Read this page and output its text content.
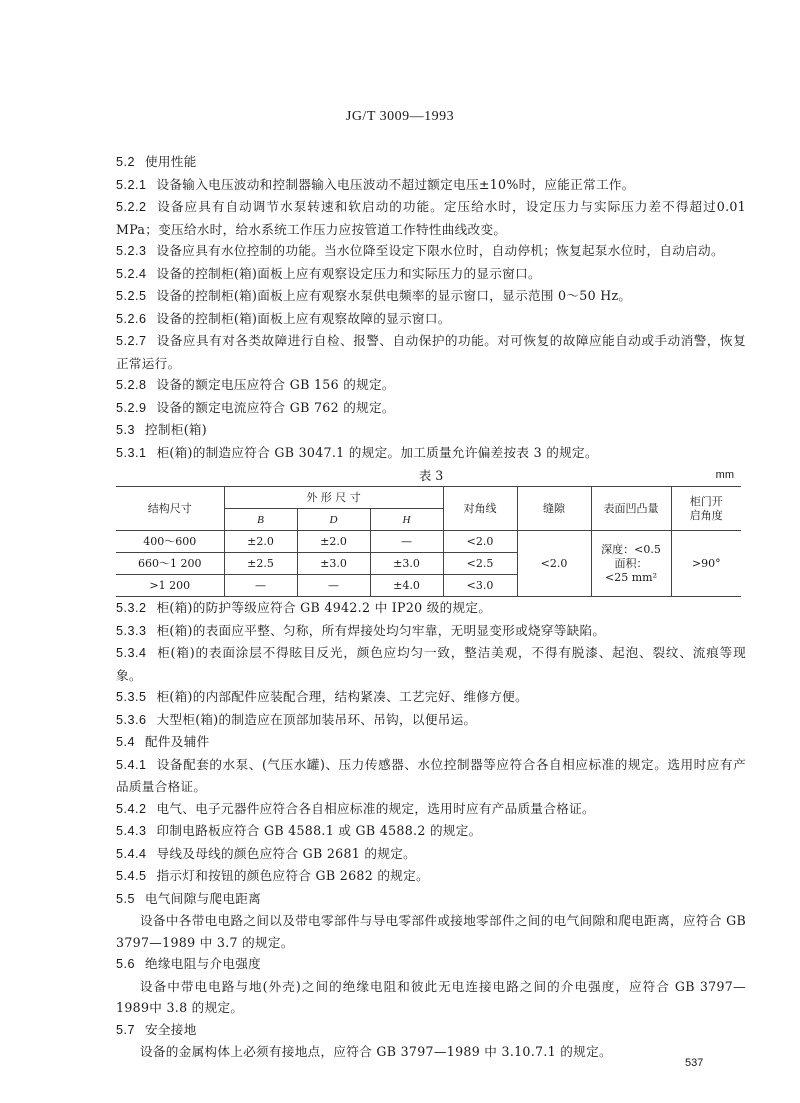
JG/T 3009—1993

5.2 使用性能

5.2.1 设备输入电压波动和控制器输入电压波动不超过额定电压±10%时，应能正常工作。

5.2.2 设备应具有自动调节水泵转速和软启动的功能。定压给水时，设定压力与实际压力差不得超过0.01 MPa；变压给水时，给水系统工作压力应按管道工作特性曲线改变。

5.2.3 设备应具有水位控制的功能。当水位降至设定下限水位时，自动停机；恢复起泵水位时，自动启动。

5.2.4 设备的控制柜(箱)面板上应有观察设定压力和实际压力的显示窗口。

5.2.5 设备的控制柜(箱)面板上应有观察水泵供电频率的显示窗口，显示范围 0～50 Hz。

5.2.6 设备的控制柜(箱)面板上应有观察故障的显示窗口。

5.2.7 设备应具有对各类故障进行自检、报警、自动保护的功能。对可恢复的故障应能自动或手动消警，恢复正常运行。

5.2.8 设备的额定电压应符合 GB 156 的规定。

5.2.9 设备的额定电流应符合 GB 762 的规定。

5.3 控制柜(箱)

5.3.1 柜(箱)的制造应符合 GB 3047.1 的规定。加工质量允许偏差按表 3 的规定。

表 3	mm
结构尺寸	外 形 尺 寸			对角线	缝隙	表面凹凸量	柜门开
启角度

	B	D	H				
400～600	±2.0	±2.0	—	<2.0	<2.0	深度：<0.5
面积：
<25 mm²	>90°
660～1 200	±2.5	±3.0	±3.0	<2.5			
>1 200	—	—	±4.0	<3.0			

5.3.2 柜(箱)的防护等级应符合 GB 4942.2 中 IP20 级的规定。

5.3.3 柜(箱)的表面应平整、匀称，所有焊接处均匀牢靠，无明显变形或烧穿等缺陷。

5.3.4 柜(箱)的表面涂层不得眩目反光，颜色应均匀一致，整洁美观，不得有脱漆、起泡、裂纹、流痕等现象。

5.3.5 柜(箱)的内部配件应装配合理，结构紧凑、工艺完好、维修方便。

5.3.6 大型柜(箱)的制造应在顶部加装吊环、吊钩，以便吊运。

5.4 配件及辅件

5.4.1 设备配套的水泵、(气压水罐)、压力传感器、水位控制器等应符合各自相应标准的规定。选用时应有产品质量合格证。

5.4.2 电气、电子元器件应符合各自相应标准的规定，选用时应有产品质量合格证。

5.4.3 印制电路板应符合 GB 4588.1 或 GB 4588.2 的规定。

5.4.4 导线及母线的颜色应符合 GB 2681 的规定。

5.4.5 指示灯和按钮的颜色应符合 GB 2682 的规定。

5.5 电气间隙与爬电距离

设备中各带电电路之间以及带电零部件与导电零部件或接地零部件之间的电气间隙和爬电距离，应符合 GB 3797—1989 中 3.7 的规定。

5.6 绝缘电阻与介电强度

设备中带电电路与地(外壳)之间的绝缘电阻和彼此无电连接电路之间的介电强度，应符合 GB 3797—1989中 3.8 的规定。

5.7 安全接地

设备的金属构体上必须有接地点，应符合 GB 3797—1989 中 3.10.7.1 的规定。

537
